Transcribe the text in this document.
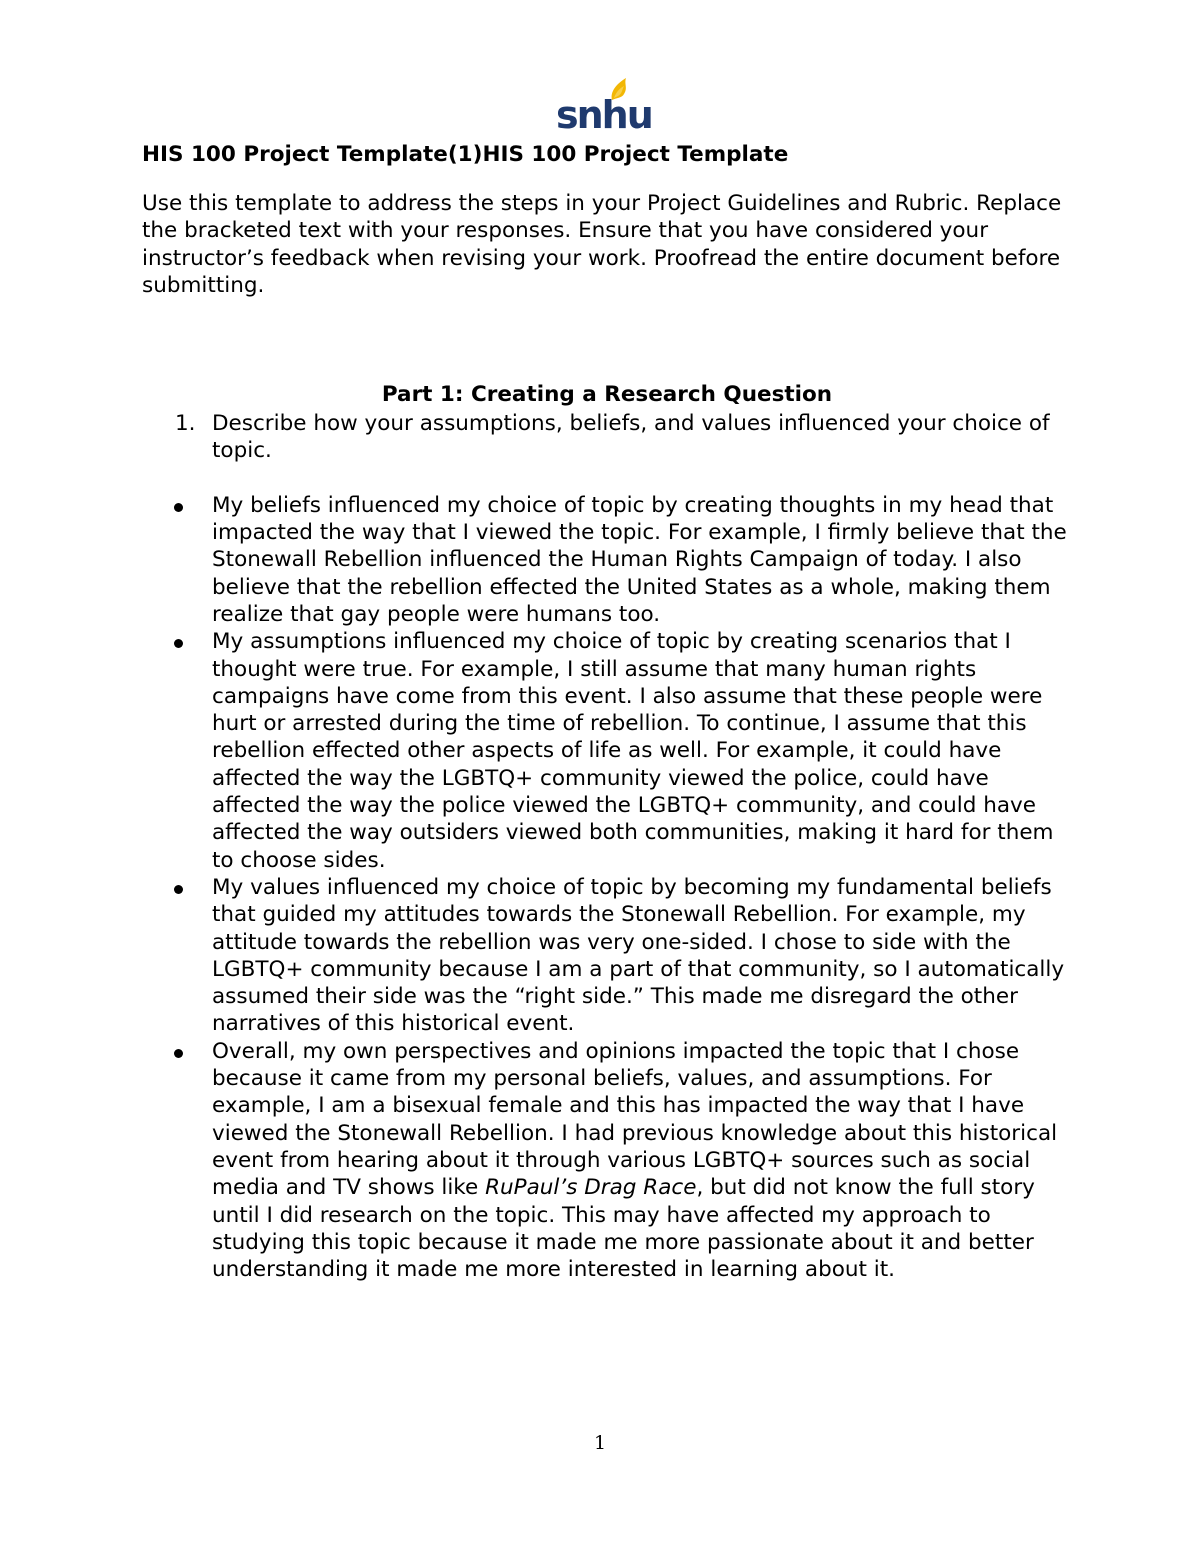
snhu

HIS 100 Project Template(1)HIS 100 Project Template

Use this template to address the steps in your Project Guidelines and Rubric. Replace the bracketed text with your responses. Ensure that you have considered your instructor’s feedback when revising your work. Proofread the entire document before submitting.

Part 1: Creating a Research Question

1. Describe how your assumptions, beliefs, and values influenced your choice of topic.
My beliefs influenced my choice of topic by creating thoughts in my head that impacted the way that I viewed the topic. For example, I firmly believe that the Stonewall Rebellion influenced the Human Rights Campaign of today. I also believe that the rebellion effected the United States as a whole, making them realize that gay people were humans too.
My assumptions influenced my choice of topic by creating scenarios that I thought were true. For example, I still assume that many human rights campaigns have come from this event. I also assume that these people were hurt or arrested during the time of rebellion. To continue, I assume that this rebellion effected other aspects of life as well. For example, it could have affected the way the LGBTQ+ community viewed the police, could have affected the way the police viewed the LGBTQ+ community, and could have affected the way outsiders viewed both communities, making it hard for them to choose sides.
My values influenced my choice of topic by becoming my fundamental beliefs that guided my attitudes towards the Stonewall Rebellion. For example, my attitude towards the rebellion was very one-sided. I chose to side with the LGBTQ+ community because I am a part of that community, so I automatically assumed their side was the “right side.” This made me disregard the other narratives of this historical event.
Overall, my own perspectives and opinions impacted the topic that I chose because it came from my personal beliefs, values, and assumptions. For example, I am a bisexual female and this has impacted the way that I have viewed the Stonewall Rebellion. I had previous knowledge about this historical event from hearing about it through various LGBTQ+ sources such as social media and TV shows like RuPaul’s Drag Race, but did not know the full story until I did research on the topic. This may have affected my approach to studying this topic because it made me more passionate about it and better understanding it made me more interested in learning about it.
1
